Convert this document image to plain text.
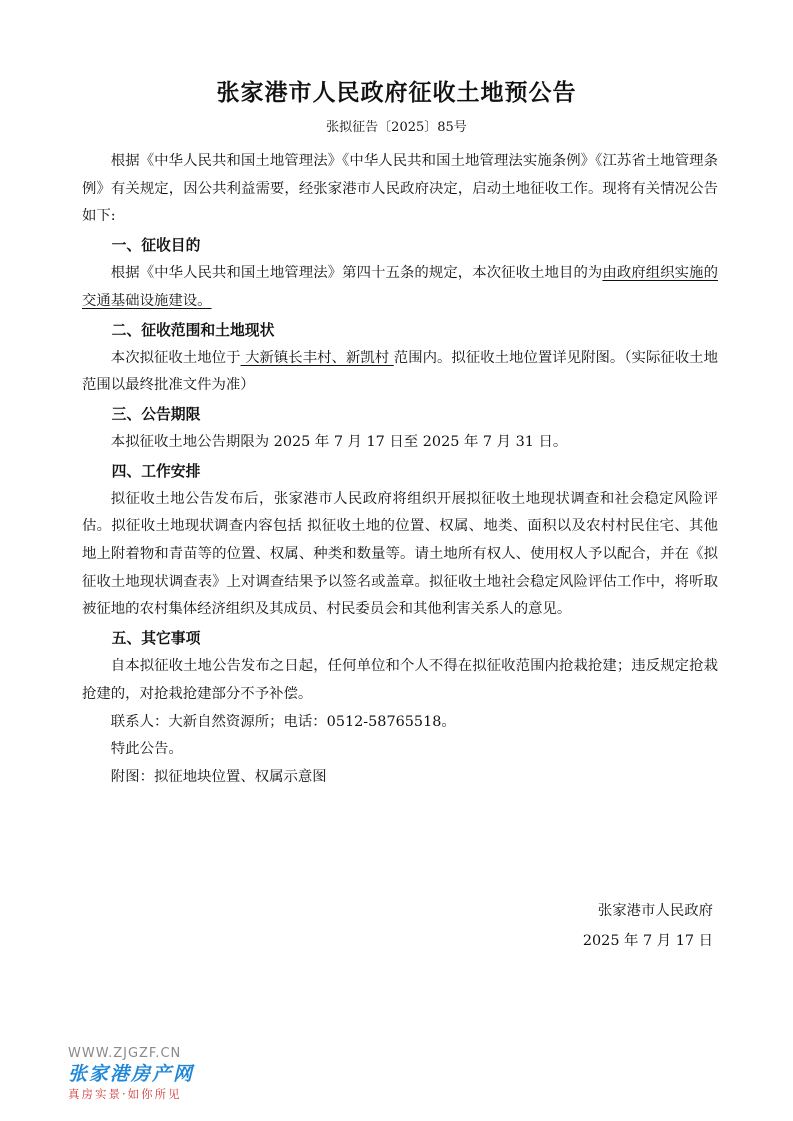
张家港市人民政府征收土地预公告
张拟征告〔2025〕85号

根据《中华人民共和国土地管理法》《中华人民共和国土地管理法实施条例》《江苏省土地管理条例》有关规定，因公共利益需要，经张家港市人民政府决定，启动土地征收工作。现将有关情况公告如下:

一、征收目的

根据《中华人民共和国土地管理法》第四十五条的规定，本次征收土地目的为由政府组织实施的交通基础设施建设。

二、征收范围和土地现状

本次拟征收土地位于 大新镇长丰村、新凯村 范围内。拟征收土地位置详见附图。（实际征收土地范围以最终批准文件为准）

三、公告期限

本拟征收土地公告期限为 2025 年 7 月 17 日至 2025 年 7 月 31 日。

四、工作安排

拟征收土地公告发布后，张家港市人民政府将组织开展拟征收土地现状调查和社会稳定风险评估。拟征收土地现状调查内容包括 拟征收土地的位置、权属、地类、面积以及农村村民住宅、其他地上附着物和青苗等的位置、权属、种类和数量等。请土地所有权人、使用权人予以配合，并在《拟征收土地现状调查表》上对调查结果予以签名或盖章。拟征收土地社会稳定风险评估工作中，将听取被征地的农村集体经济组织及其成员、村民委员会和其他利害关系人的意见。

五、其它事项

自本拟征收土地公告发布之日起，任何单位和个人不得在拟征收范围内抢栽抢建；违反规定抢栽抢建的，对抢栽抢建部分不予补偿。

联系人：大新自然资源所；电话：0512-58765518。

特此公告。

附图：拟征地块位置、权属示意图

张家港市人民政府
2025 年 7 月 17 日
WWW.ZJGZF.CN
张家港房产网
真房实景·如你所见
